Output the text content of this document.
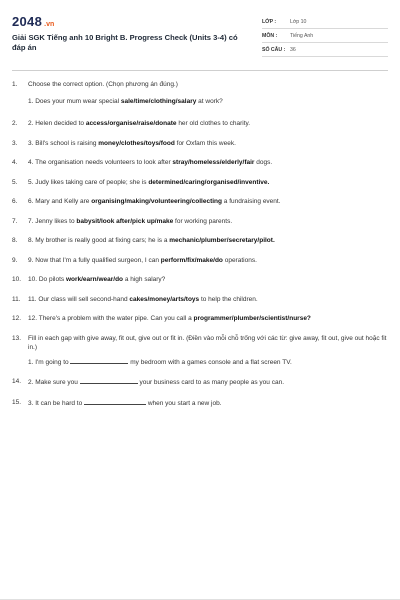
2048 .vn
Giải SGK Tiếng anh 10 Bright B. Progress Check (Units 3-4) có đáp án
LỚP :	Lớp 10
MÔN :	Tiếng Anh
SỐ CÂU : 36
1.	Choose the correct option. (Chọn phương án đúng.)
1. Does your mum wear special sale/time/clothing/salary at work?
2.	2. Helen decided to access/organise/raise/donate her old clothes to charity.
3.	3. Bill's school is raising money/clothes/toys/food for Oxfam this week.
4.	4. The organisation needs volunteers to look after stray/homeless/elderly/fair dogs.
5.	5. Judy likes taking care of people; she is determined/caring/organised/inventive.
6.	6. Mary and Kelly are organising/making/volunteering/collecting a fundraising event.
7.	7. Jenny likes to babysit/look after/pick up/make for working parents.
8.	8. My brother is really good at fixing cars; he is a mechanic/plumber/secretary/pilot.
9.	9. Now that I'm a fully qualified surgeon, I can perform/fix/make/do operations.
10.	10. Do pilots work/earn/wear/do a high salary?
11.	11. Our class will sell second-hand cakes/money/arts/toys to help the children.
12.	12. There's a problem with the water pipe. Can you call a programmer/plumber/scientist/nurse?
13.	Fill in each gap with give away, fit out, give out or fit in. (Điền vào mỗi chỗ trống với các từ: give away, fit out, give out hoặc fit in.)
1. I'm going to	my bedroom with a games console and a flat screen TV.
14.	2. Make sure you	your business card to as many people as you can.
15.	3. It can be hard to	when you start a new job.
